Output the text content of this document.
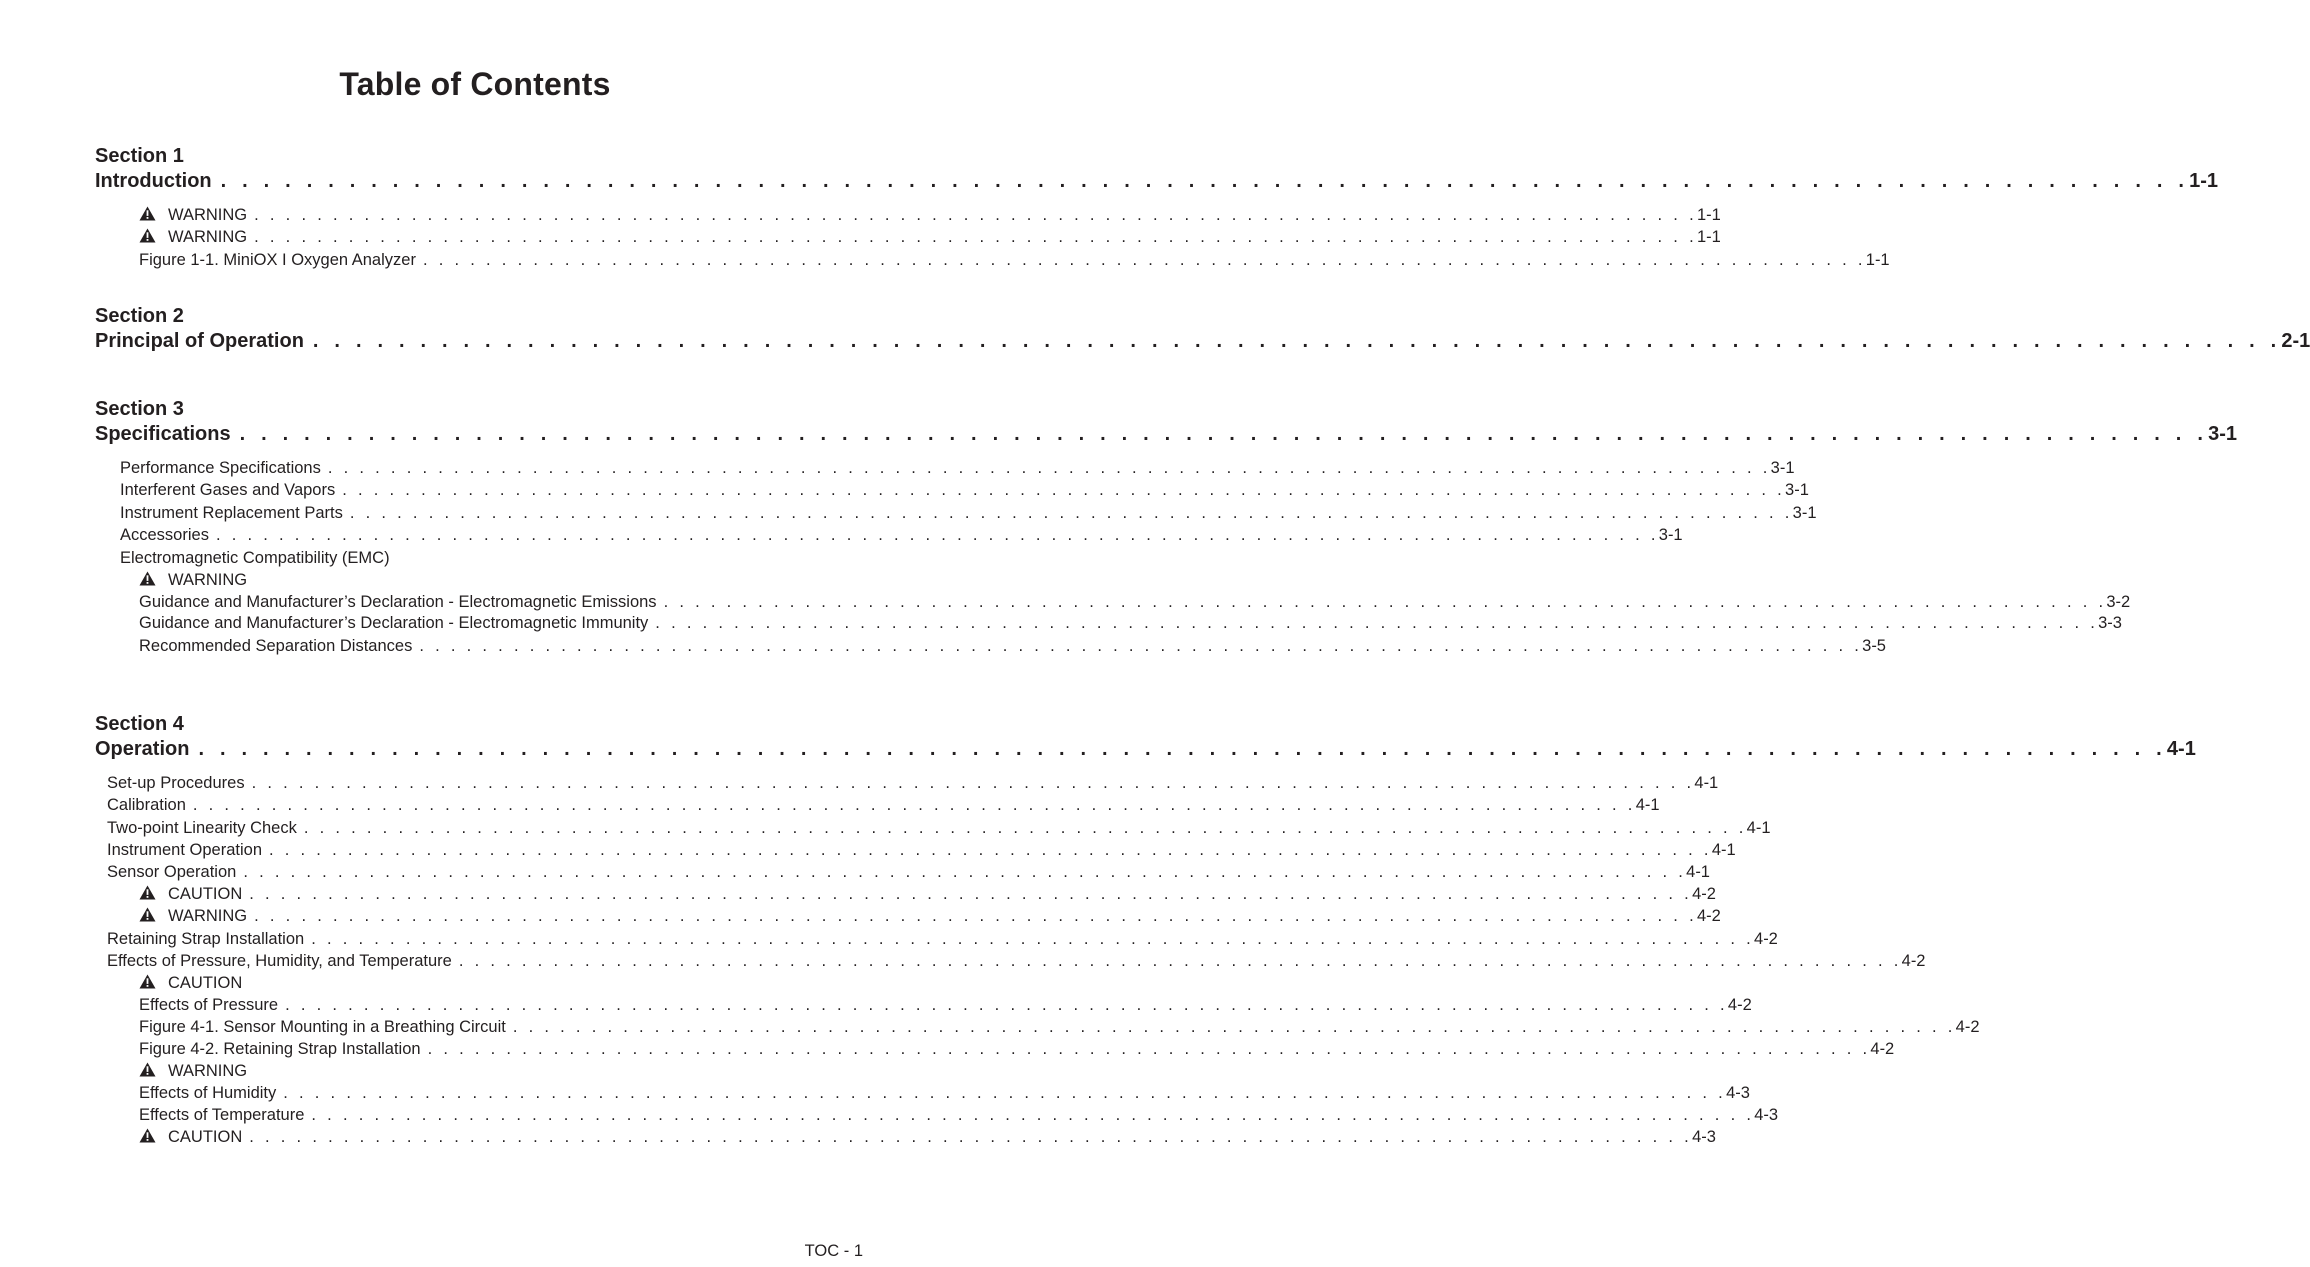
Table of Contents
Section 1
Introduction . . . . . . . . . . . . . . . . . . . . . . . . . . . . . . . . . . . . . . . . . . . . . . . . . . . . . . . . . . . . . . . . . . . . . . . . . . . . . . . . . . . . . . . . . . . . 1-1
WARNING . . . . . . . . . . . . . . . . . . . . . . . . . . . . . . . . . . . . . . . . . . . . . . . . . . . . . . . . . . . . . . . . . . . . . . . . . . . . . . . . . . . . . . . . . . . . 1-1
WARNING . . . . . . . . . . . . . . . . . . . . . . . . . . . . . . . . . . . . . . . . . . . . . . . . . . . . . . . . . . . . . . . . . . . . . . . . . . . . . . . . . . . . . . . . . . . . 1-1
Figure 1-1. MiniOX I Oxygen Analyzer . . . . . . . . . . . . . . . . . . . . . . . . . . . . . . . . . . . . . . . . . . . . . . . . . . . . . . . . . . . . . . . . . . . . . . . . . . . . . . . . . . . . . . . . . . . . 1-1
Section 2
Principal of Operation . . . . . . . . . . . . . . . . . . . . . . . . . . . . . . . . . . . . . . . . . . . . . . . . . . . . . . . . . . . . . . . . . . . . . . . . . . . . . . . . . . . . . . . . . . . . 2-1
Section 3
Specifications . . . . . . . . . . . . . . . . . . . . . . . . . . . . . . . . . . . . . . . . . . . . . . . . . . . . . . . . . . . . . . . . . . . . . . . . . . . . . . . . . . . . . . . . . . . . 3-1
Performance Specifications . . . . . . . . . . . . . . . . . . . . . . . . . . . . . . . . . . . . . . . . . . . . . . . . . . . . . . . . . . . . . . . . . . . . . . . . . . . . . . . . . . . . . . . . . . . . 3-1
Interferent Gases and Vapors . . . . . . . . . . . . . . . . . . . . . . . . . . . . . . . . . . . . . . . . . . . . . . . . . . . . . . . . . . . . . . . . . . . . . . . . . . . . . . . . . . . . . . . . . . . . 3-1
Instrument Replacement Parts . . . . . . . . . . . . . . . . . . . . . . . . . . . . . . . . . . . . . . . . . . . . . . . . . . . . . . . . . . . . . . . . . . . . . . . . . . . . . . . . . . . . . . . . . . . . 3-1
Accessories . . . . . . . . . . . . . . . . . . . . . . . . . . . . . . . . . . . . . . . . . . . . . . . . . . . . . . . . . . . . . . . . . . . . . . . . . . . . . . . . . . . . . . . . . . . . 3-1
Electromagnetic Compatibility (EMC)
WARNING
Guidance and Manufacturer’s Declaration - Electromagnetic Emissions . . . . . . . . . . . . . . . . . . . . . . . . . . . . . . . . . . . . . . . . . . . . . . . . . . . . . . . . . . . . . . . . . . . . . . . . . . . . . . . . . . . . . . . . . . . . 3-2
Guidance and Manufacturer’s Declaration - Electromagnetic Immunity . . . . . . . . . . . . . . . . . . . . . . . . . . . . . . . . . . . . . . . . . . . . . . . . . . . . . . . . . . . . . . . . . . . . . . . . . . . . . . . . . . . . . . . . . . . . 3-3
Recommended Separation Distances . . . . . . . . . . . . . . . . . . . . . . . . . . . . . . . . . . . . . . . . . . . . . . . . . . . . . . . . . . . . . . . . . . . . . . . . . . . . . . . . . . . . . . . . . . . . 3-5
Section 4
Operation . . . . . . . . . . . . . . . . . . . . . . . . . . . . . . . . . . . . . . . . . . . . . . . . . . . . . . . . . . . . . . . . . . . . . . . . . . . . . . . . . . . . . . . . . . . . 4-1
Set-up Procedures . . . . . . . . . . . . . . . . . . . . . . . . . . . . . . . . . . . . . . . . . . . . . . . . . . . . . . . . . . . . . . . . . . . . . . . . . . . . . . . . . . . . . . . . . . . . 4-1
Calibration . . . . . . . . . . . . . . . . . . . . . . . . . . . . . . . . . . . . . . . . . . . . . . . . . . . . . . . . . . . . . . . . . . . . . . . . . . . . . . . . . . . . . . . . . . . . 4-1
Two-point Linearity Check . . . . . . . . . . . . . . . . . . . . . . . . . . . . . . . . . . . . . . . . . . . . . . . . . . . . . . . . . . . . . . . . . . . . . . . . . . . . . . . . . . . . . . . . . . . . 4-1
Instrument Operation . . . . . . . . . . . . . . . . . . . . . . . . . . . . . . . . . . . . . . . . . . . . . . . . . . . . . . . . . . . . . . . . . . . . . . . . . . . . . . . . . . . . . . . . . . . . 4-1
Sensor Operation . . . . . . . . . . . . . . . . . . . . . . . . . . . . . . . . . . . . . . . . . . . . . . . . . . . . . . . . . . . . . . . . . . . . . . . . . . . . . . . . . . . . . . . . . . . . 4-1
CAUTION . . . . . . . . . . . . . . . . . . . . . . . . . . . . . . . . . . . . . . . . . . . . . . . . . . . . . . . . . . . . . . . . . . . . . . . . . . . . . . . . . . . . . . . . . . . . 4-2
WARNING . . . . . . . . . . . . . . . . . . . . . . . . . . . . . . . . . . . . . . . . . . . . . . . . . . . . . . . . . . . . . . . . . . . . . . . . . . . . . . . . . . . . . . . . . . . . 4-2
Retaining Strap Installation . . . . . . . . . . . . . . . . . . . . . . . . . . . . . . . . . . . . . . . . . . . . . . . . . . . . . . . . . . . . . . . . . . . . . . . . . . . . . . . . . . . . . . . . . . . . 4-2
Effects of Pressure, Humidity, and Temperature . . . . . . . . . . . . . . . . . . . . . . . . . . . . . . . . . . . . . . . . . . . . . . . . . . . . . . . . . . . . . . . . . . . . . . . . . . . . . . . . . . . . . . . . . . . . 4-2
CAUTION
Effects of Pressure . . . . . . . . . . . . . . . . . . . . . . . . . . . . . . . . . . . . . . . . . . . . . . . . . . . . . . . . . . . . . . . . . . . . . . . . . . . . . . . . . . . . . . . . . . . . 4-2
Figure 4-1. Sensor Mounting in a Breathing Circuit . . . . . . . . . . . . . . . . . . . . . . . . . . . . . . . . . . . . . . . . . . . . . . . . . . . . . . . . . . . . . . . . . . . . . . . . . . . . . . . . . . . . . . . . . . . . 4-2
Figure 4-2. Retaining Strap Installation . . . . . . . . . . . . . . . . . . . . . . . . . . . . . . . . . . . . . . . . . . . . . . . . . . . . . . . . . . . . . . . . . . . . . . . . . . . . . . . . . . . . . . . . . . . . 4-2
WARNING
Effects of Humidity . . . . . . . . . . . . . . . . . . . . . . . . . . . . . . . . . . . . . . . . . . . . . . . . . . . . . . . . . . . . . . . . . . . . . . . . . . . . . . . . . . . . . . . . . . . . 4-3
Effects of Temperature . . . . . . . . . . . . . . . . . . . . . . . . . . . . . . . . . . . . . . . . . . . . . . . . . . . . . . . . . . . . . . . . . . . . . . . . . . . . . . . . . . . . . . . . . . . . 4-3
CAUTION . . . . . . . . . . . . . . . . . . . . . . . . . . . . . . . . . . . . . . . . . . . . . . . . . . . . . . . . . . . . . . . . . . . . . . . . . . . . . . . . . . . . . . . . . . . . 4-3
TOC - 1
